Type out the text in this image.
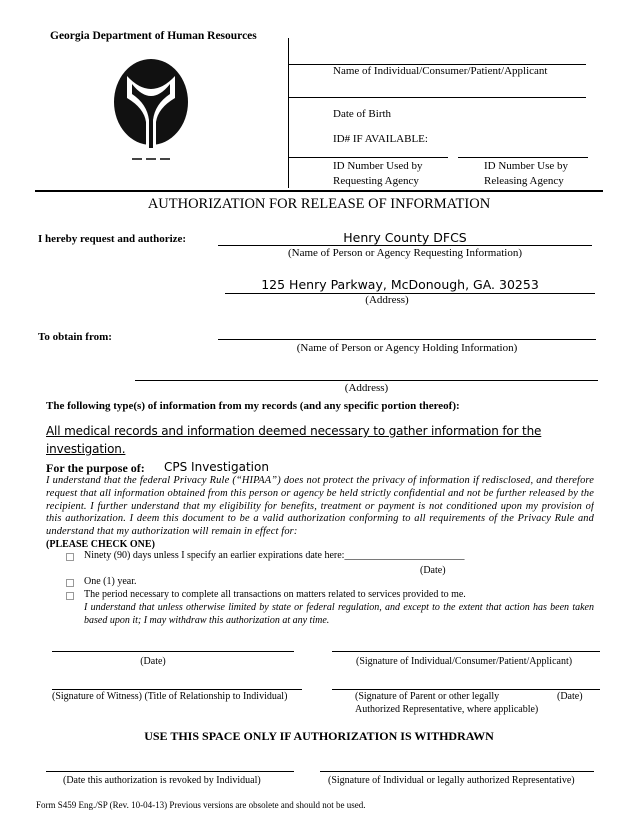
Georgia Department of Human Resources
Name of Individual/Consumer/Patient/Applicant
Date of Birth
ID# IF AVAILABLE:
ID Number Used by
Requesting Agency
ID Number Use by
Releasing Agency
AUTHORIZATION FOR RELEASE OF INFORMATION
I hereby request and authorize:	Henry County DFCS
(Name of Person or Agency Requesting Information)
125 Henry Parkway, McDonough, GA. 30253
(Address)
To obtain from:
(Name of Person or Agency Holding Information)
(Address)
The following type(s) of information from my records (and any specific portion thereof):
All medical records and information deemed necessary to gather information for the
investigation.
For the purpose of: CPS Investigation
I understand that the federal Privacy Rule (“HIPAA”) does not protect the privacy of information if redisclosed, and therefore request that all information obtained from this person or agency be held strictly confidential and not be further released by the recipient. I further understand that my eligibility for benefits, treatment or payment is not conditioned upon my provision of this authorization. I deem this document to be a valid authorization conforming to all requirements of the Privacy Rule and understand that my authorization will remain in effect for:
(PLEASE CHECK ONE)
Ninety (90) days unless I specify an earlier expirations date here:________________________
(Date)
One (1) year.
The period necessary to complete all transactions on matters related to services provided to me.
I understand that unless otherwise limited by state or federal regulation, and except to the extent that action has been taken based upon it; I may withdraw this authorization at any time.
(Date)	(Signature of Individual/Consumer/Patient/Applicant)
(Signature of Witness) (Title of Relationship to Individual)	(Signature of Parent or other legally
Authorized Representative, where applicable)
(Date)
USE THIS SPACE ONLY IF AUTHORIZATION IS WITHDRAWN
(Date this authorization is revoked by Individual)	(Signature of Individual or legally authorized Representative)
Form S459 Eng./SP (Rev. 10-04-13) Previous versions are obsolete and should not be used.
